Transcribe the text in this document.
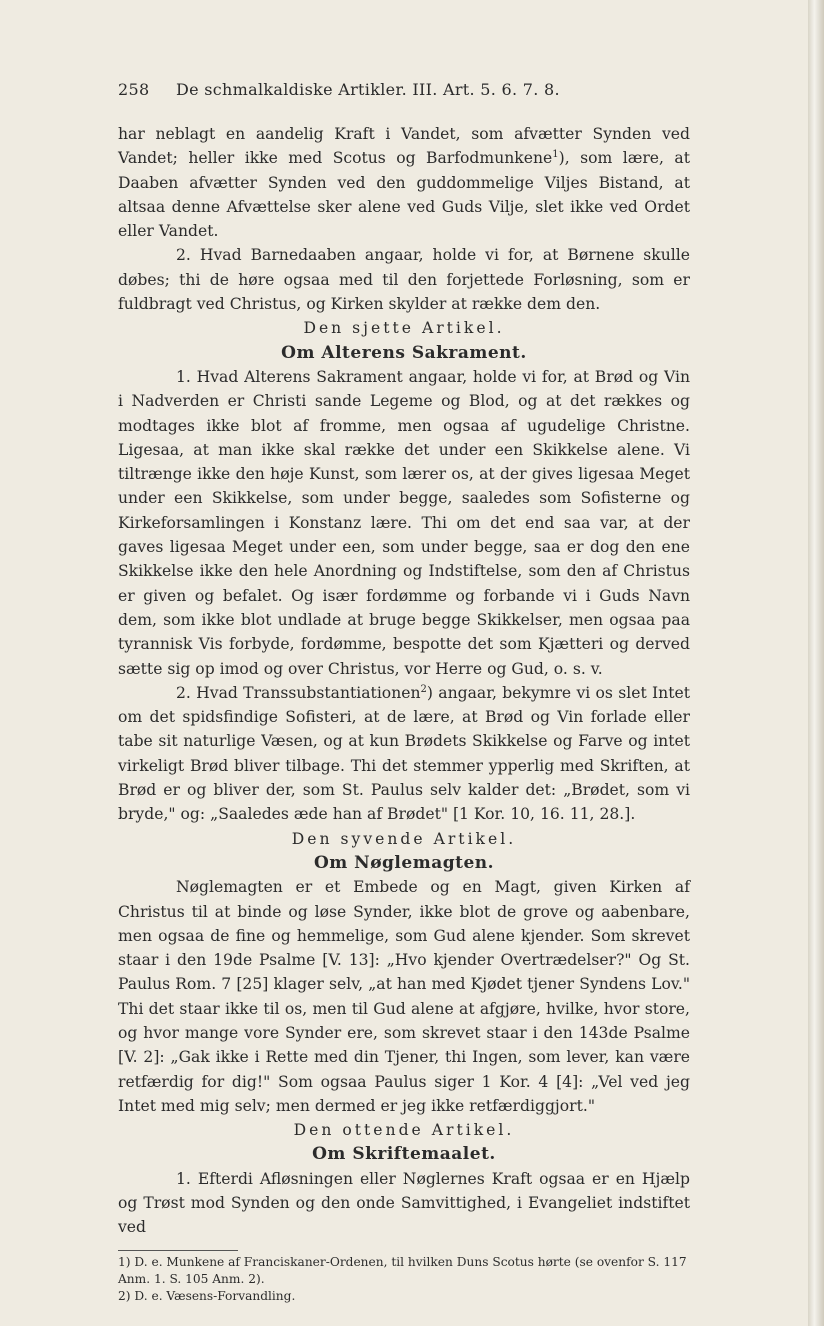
258 De schmalkaldiske Artikler. III. Art. 5. 6. 7. 8.

har neblagt en aandelig Kraft i Vandet, som afvætter Synden ved Vandet; heller ikke med Scotus og Barfodmunkene$^1$), som lære, at Daaben afvætter Synden ved den guddommelige Viljes Bistand, at altsaa denne Afvættelse sker alene ved Guds Vilje, slet ikke ved Ordet eller Vandet.

2. Hvad Barnedaaben angaar, holde vi for, at Børnene skulle døbes; thi de høre ogsaa med til den forjettede Forløsning, som er fuldbragt ved Christus, og Kirken skylder at række dem den.

Den sjette Artikel.

Om Alterens Sakrament.

1. Hvad Alterens Sakrament angaar, holde vi for, at Brød og Vin i Nadverden er Christi sande Legeme og Blod, og at det rækkes og modtages ikke blot af fromme, men ogsaa af ugudelige Christne. Ligesaa, at man ikke skal række det under een Skikkelse alene. Vi tiltrænge ikke den høje Kunst, som lærer os, at der gives ligesaa Meget under een Skikkelse, som under begge, saaledes som Sofisterne og Kirkeforsamlingen i Konstanz lære. Thi om det end saa var, at der gaves ligesaa Meget under een, som under begge, saa er dog den ene Skikkelse ikke den hele Anordning og Indstiftelse, som den af Christus er given og befalet. Og især fordømme og forbande vi i Guds Navn dem, som ikke blot undlade at bruge begge Skikkelser, men ogsaa paa tyrannisk Vis forbyde, fordømme, bespotte det som Kjætteri og derved sætte sig op imod og over Christus, vor Herre og Gud, o. s. v.

2. Hvad Transsubstantiationen$^2$) angaar, bekymre vi os slet Intet om det spidsfindige Sofisteri, at de lære, at Brød og Vin forlade eller tabe sit naturlige Væsen, og at kun Brødets Skikkelse og Farve og intet virkeligt Brød bliver tilbage. Thi det stemmer ypperlig med Skriften, at Brød er og bliver der, som St. Paulus selv kalder det: „Brødet, som vi bryde," og: „Saaledes æde han af Brødet" [1 Kor. 10, 16. 11, 28.].

Den syvende Artikel.

Om Nøglemagten.

Nøglemagten er et Embede og en Magt, given Kirken af Christus til at binde og løse Synder, ikke blot de grove og aabenbare, men ogsaa de fine og hemmelige, som Gud alene kjender. Som skrevet staar i den 19de Psalme [V. 13]: „Hvo kjender Overtrædelser?" Og St. Paulus Rom. 7 [25] klager selv, „at han med Kjødet tjener Syndens Lov." Thi det staar ikke til os, men til Gud alene at afgjøre, hvilke, hvor store, og hvor mange vore Synder ere, som skrevet staar i den 143de Psalme [V. 2]: „Gak ikke i Rette med din Tjener, thi Ingen, som lever, kan være retfærdig for dig!" Som ogsaa Paulus siger 1 Kor. 4 [4]: „Vel ved jeg Intet med mig selv; men dermed er jeg ikke retfærdiggjort."

Den ottende Artikel.

Om Skriftemaalet.

1. Efterdi Afløsningen eller Nøglernes Kraft ogsaa er en Hjælp og Trøst mod Synden og den onde Samvittighed, i Evangeliet indstiftet ved

1) D. e. Munkene af Franciskaner-Ordenen, til hvilken Duns Scotus hørte (se ovenfor S. 117 Anm. 1. S. 105 Anm. 2).

2) D. e. Væsens-Forvandling.
